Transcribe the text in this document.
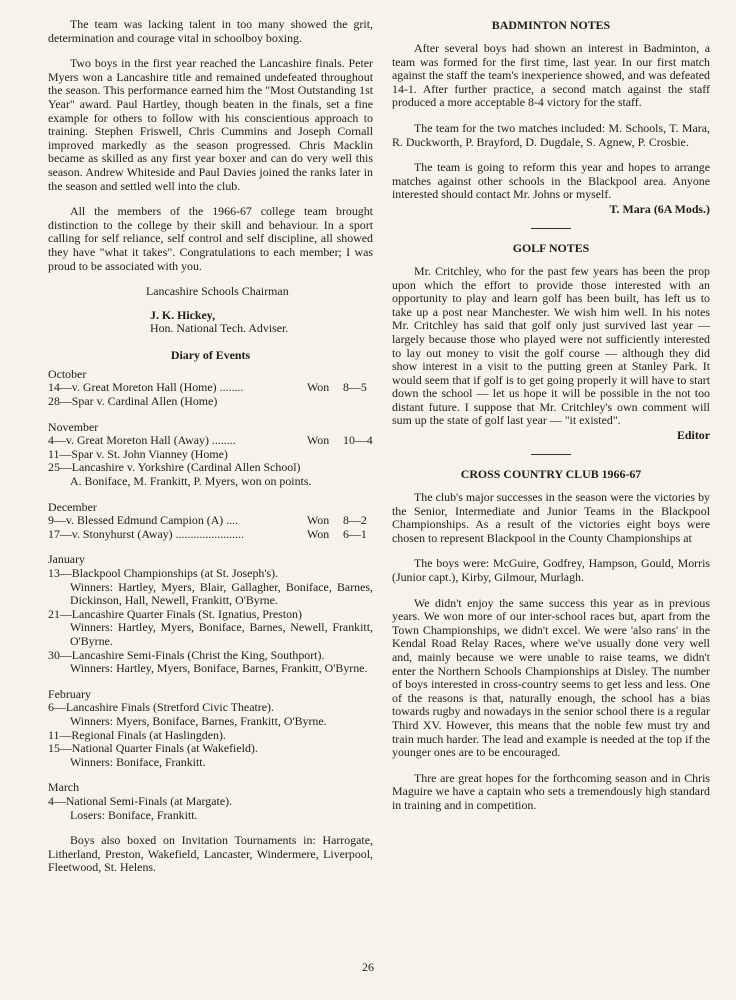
The team was lacking talent in too many showed the grit, determination and courage vital in schoolboy boxing.

Two boys in the first year reached the Lancashire finals. Peter Myers won a Lancashire title and remained undefeated throughout the season. This performance earned him the "Most Outstanding 1st Year" award. Paul Hartley, though beaten in the finals, set a fine example for others to follow with his conscientious approach to training. Stephen Friswell, Chris Cummins and Joseph Cornall improved markedly as the season progressed. Chris Macklin became as skilled as any first year boxer and can do very well this season. Andrew Whiteside and Paul Davies joined the ranks later in the season and settled well into the club.

All the members of the 1966-67 college team brought distinction to the college by their skill and behaviour. In a sport calling for self reliance, self control and self discipline, all showed they have "what it takes". Congratulations to each member; I was proud to be associated with you.

Lancashire Schools Chairman
J. K. Hickey,
Hon. National Tech. Adviser.
Diary of Events
October
14—v. Great Moreton Hall (Home) ........	Won	8—5
28—Spar v. Cardinal Allen (Home)
November
4—v. Great Moreton Hall (Away) ........	Won	10—4
11—Spar v. St. John Vianney (Home)
25—Lancashire v. Yorkshire (Cardinal Allen School)
A. Boniface, M. Frankitt, P. Myers, won on points.
December
9—v. Blessed Edmund Campion (A) ....	Won	8—2
17—v. Stonyhurst (Away) .......................	Won	6—1
January
13—Blackpool Championships (at St. Joseph's).
Winners: Hartley, Myers, Blair, Gallagher, Boniface, Barnes, Dickinson, Hall, Newell, Frankitt, O'Byrne.
21—Lancashire Quarter Finals (St. Ignatius, Preston)
Winners: Hartley, Myers, Boniface, Barnes, Newell, Frankitt, O'Byrne.
30—Lancashire Semi-Finals (Christ the King, Southport).
Winners: Hartley, Myers, Boniface, Barnes, Frankitt, O'Byrne.
February
6—Lancashire Finals (Stretford Civic Theatre).
Winners: Myers, Boniface, Barnes, Frankitt, O'Byrne.
11—Regional Finals (at Haslingden).
15—National Quarter Finals (at Wakefield).
Winners: Boniface, Frankitt.
March
4—National Semi-Finals (at Margate).
Losers: Boniface, Frankitt.

Boys also boxed on Invitation Tournaments in: Harrogate, Litherland, Preston, Wakefield, Lancaster, Windermere, Liverpool, Fleetwood, St. Helens.

BADMINTON NOTES

After several boys had shown an interest in Badminton, a team was formed for the first time, last year. In our first match against the staff the team's inexperience showed, and was defeated 14-1. After further practice, a second match against the staff produced a more acceptable 8-4 victory for the staff.

The team for the two matches included: M. Schools, T. Mara, R. Duckworth, P. Brayford, D. Dugdale, S. Agnew, P. Crosbie.

The team is going to reform this year and hopes to arrange matches against other schools in the Blackpool area. Anyone interested should contact Mr. Johns or myself.

T. Mara (6A Mods.)
GOLF NOTES

Mr. Critchley, who for the past few years has been the prop upon which the effort to provide those interested with an opportunity to play and learn golf has been built, has left us to take up a post near Manchester. We wish him well. In his notes Mr. Critchley has said that golf only just survived last year — largely because those who played were not sufficiently interested to lay out money to visit the golf course — although they did show interest in a visit to the putting green at Stanley Park. It would seem that if golf is to get going properly it will have to start down the school — let us hope it will be possible in the not too distant future. I suppose that Mr. Critchley's own comment will sum up the state of golf last year — "it existed".

Editor
CROSS COUNTRY CLUB 1966-67

The club's major successes in the season were the victories by the Senior, Intermediate and Junior Teams in the Blackpool Championships. As a result of the victories eight boys were chosen to represent Blackpool in the County Championships at

The boys were: McGuire, Godfrey, Hampson, Gould, Morris (Junior capt.), Kirby, Gilmour, Murlagh.

We didn't enjoy the same success this year as in previous years. We won more of our inter-school races but, apart from the Town Championships, we didn't excel. We were 'also rans' in the Kendal Road Relay Races, where we've usually done very well and, mainly because we were unable to raise teams, we didn't enter the Northern Schools Championships at Disley. The number of boys interested in cross-country seems to get less and less. One of the reasons is that, naturally enough, the school has a bias towards rugby and nowadays in the senior school there is a regular Third XV. However, this means that the noble few must try and train much harder. The lead and example is needed at the top if the younger ones are to be encouraged.

Thre are great hopes for the forthcoming season and in Chris Maguire we have a captain who sets a tremendously high standard in training and in competition.

26
